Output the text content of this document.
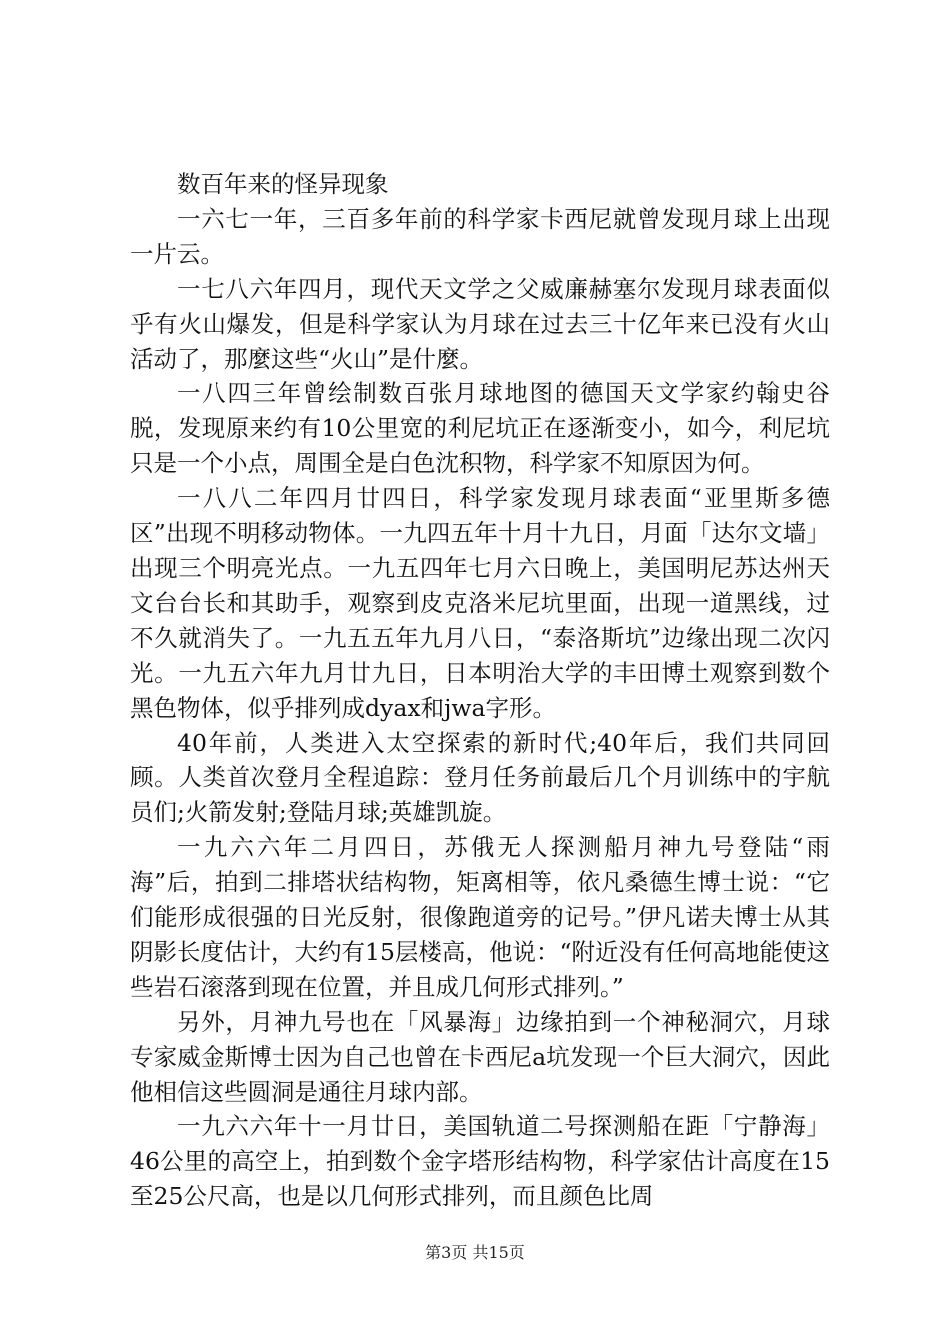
数百年来的怪异现象

一六七一年，三百多年前的科学家卡西尼就曾发现月球上出现一片云。

一七八六年四月，现代天文学之父威廉赫塞尔发现月球表面似乎有火山爆发，但是科学家认为月球在过去三十亿年来已没有火山活动了，那麼这些“火山”是什麼。

一八四三年曾绘制数百张月球地图的德国天文学家约翰史谷脱，发现原来约有10公里宽的利尼坑正在逐渐变小，如今，利尼坑只是一个小点，周围全是白色沈积物，科学家不知原因为何。

一八八二年四月廿四日，科学家发现月球表面“亚里斯多德区”出现不明移动物体。一九四五年十月十九日，月面「达尔文墙」出现三个明亮光点。一九五四年七月六日晚上，美国明尼苏达州天文台台长和其助手，观察到皮克洛米尼坑里面，出现一道黑线，过不久就消失了。一九五五年九月八日，“泰洛斯坑”边缘出现二次闪光。一九五六年九月廿九日，日本明治大学的丰田博土观察到数个黑色物体，似乎排列成dyax和jwa字形。

40年前，人类进入太空探索的新时代;40年后，我们共同回顾。人类首次登月全程追踪：登月任务前最后几个月训练中的宇航员们;火箭发射;登陆月球;英雄凯旋。

一九六六年二月四日，苏俄无人探测船月神九号登陆“雨海”后，拍到二排塔状结构物，矩离相等，依凡桑德生博士说：“它们能形成很强的日光反射，很像跑道旁的记号。”伊凡诺夫博士从其阴影长度估计，大约有15层楼高，他说：“附近没有任何高地能使这些岩石滚落到现在位置，并且成几何形式排列。”

另外，月神九号也在「风暴海」边缘拍到一个神秘洞穴，月球专家威金斯博士因为自己也曾在卡西尼a坑发现一个巨大洞穴，因此他相信这些圆洞是通往月球内部。

一九六六年十一月廿日，美国轨道二号探测船在距「宁静海」46公里的高空上，拍到数个金字塔形结构物，科学家估计高度在15至25公尺高，也是以几何形式排列，而且颜色比周

第3页 共15页
